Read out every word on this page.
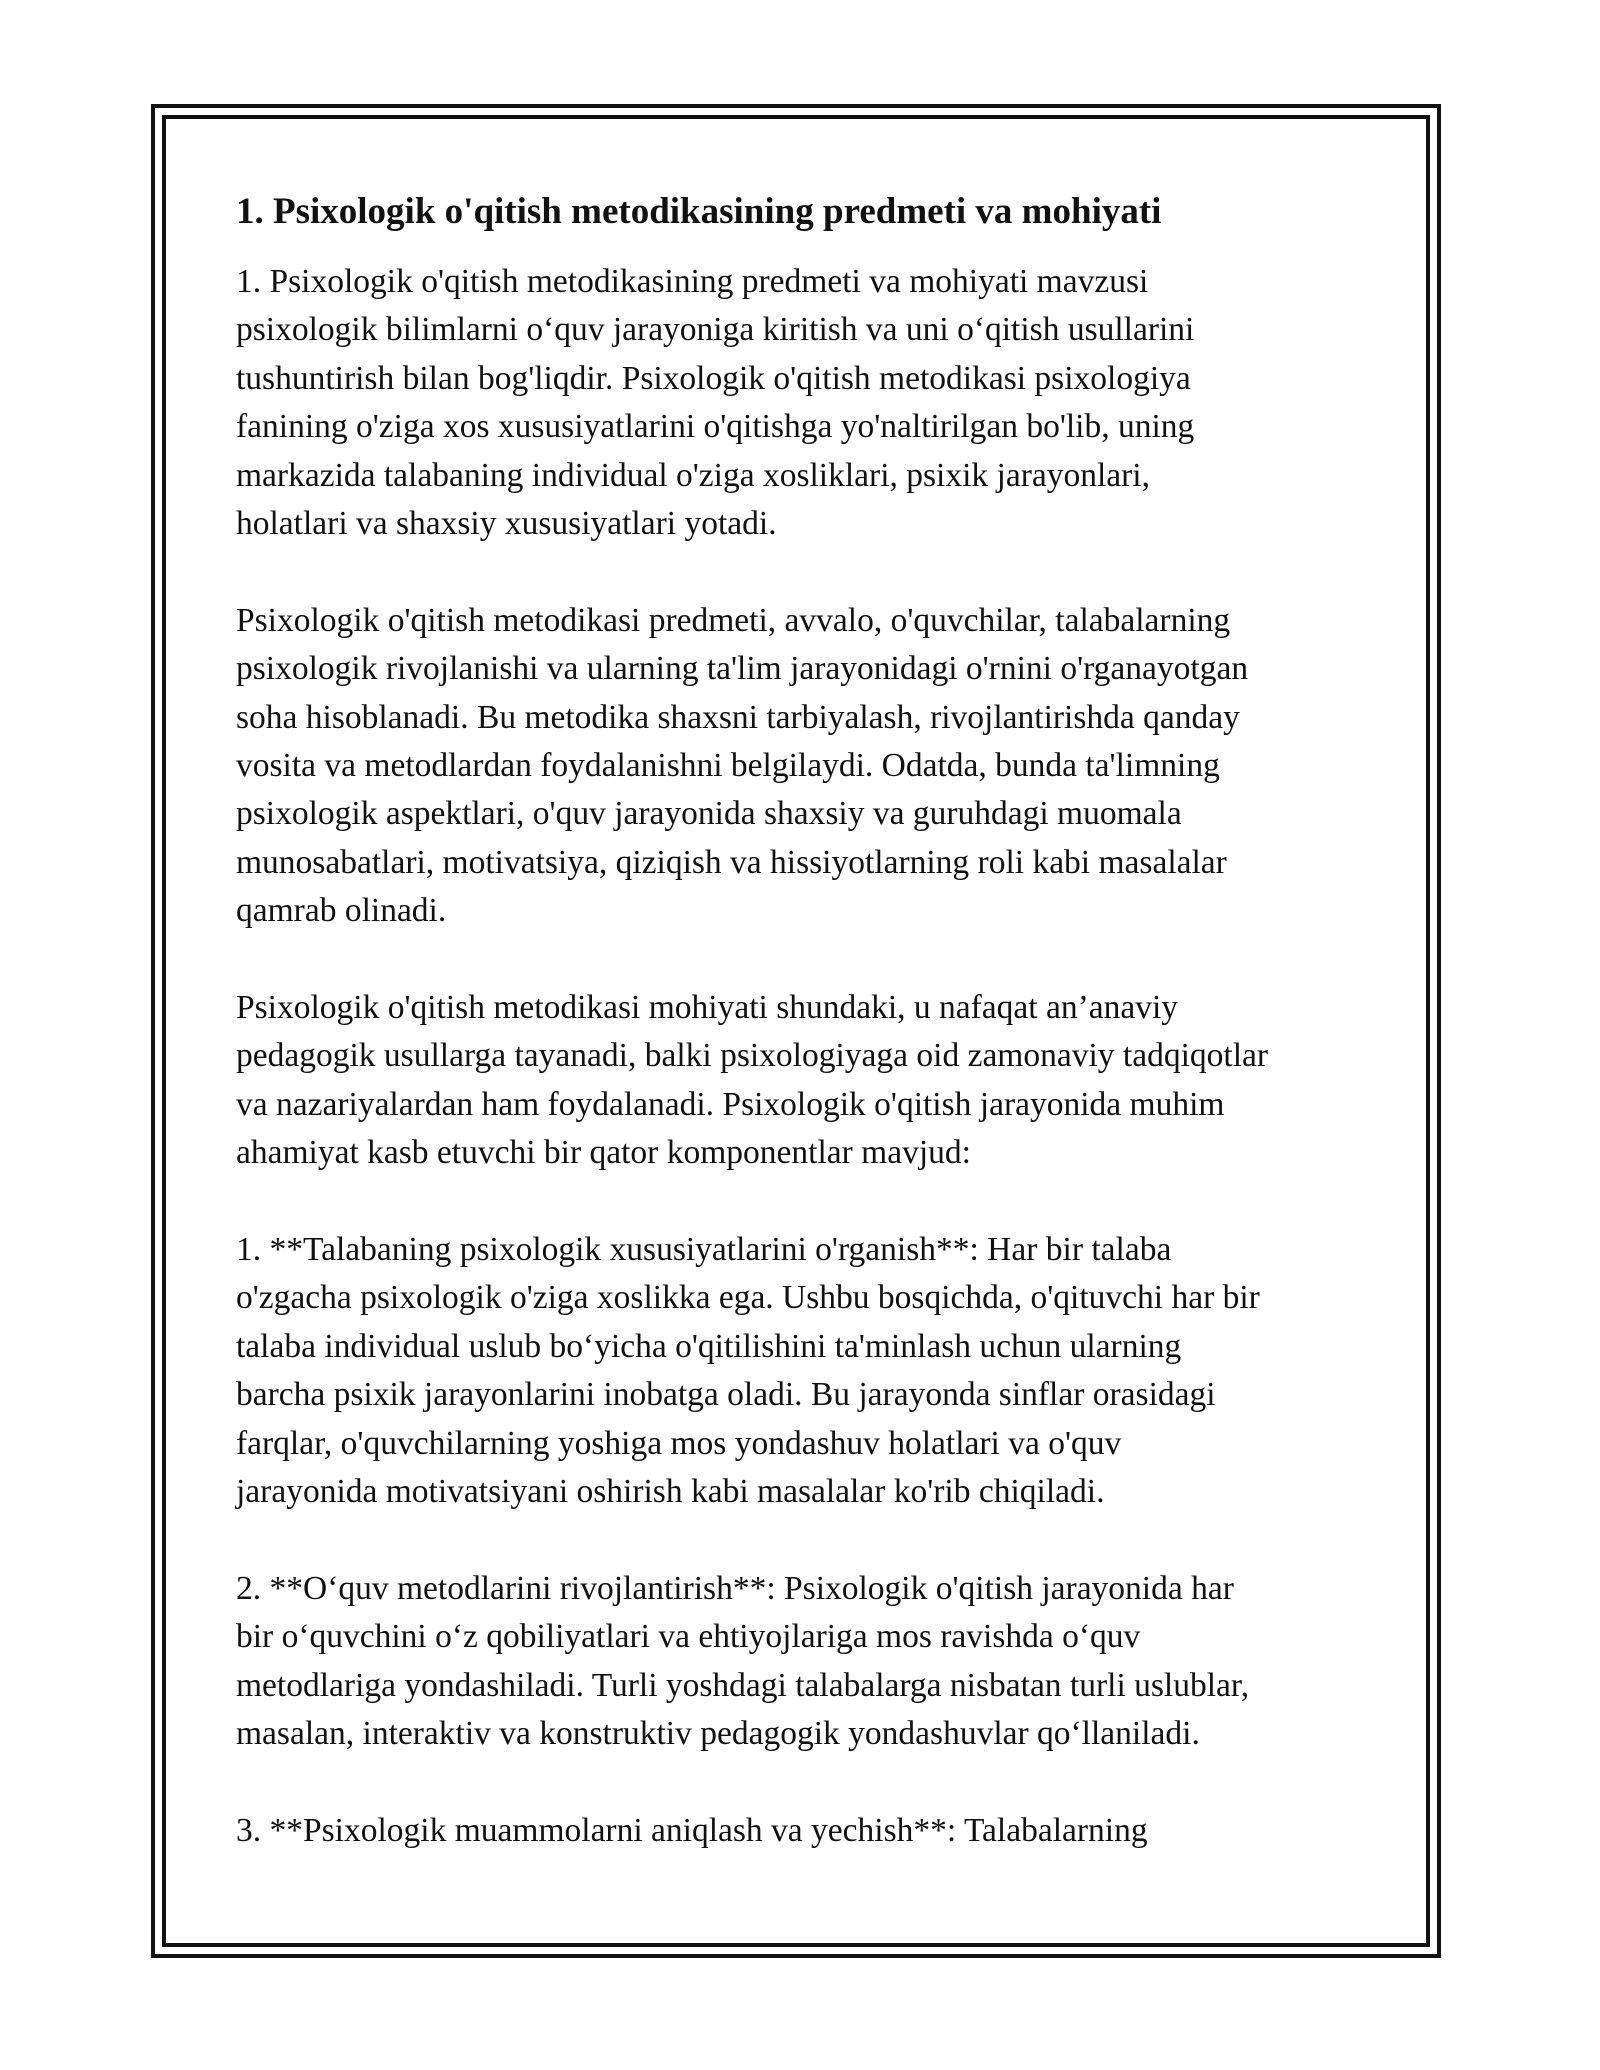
1. Psixologik o'qitish metodikasining predmeti va mohiyati

1. Psixologik o'qitish metodikasining predmeti va mohiyati mavzusi
psixologik bilimlarni o‘quv jarayoniga kiritish va uni o‘qitish usullarini
tushuntirish bilan bog'liqdir. Psixologik o'qitish metodikasi psixologiya
fanining o'ziga xos xususiyatlarini o'qitishga yo'naltirilgan bo'lib, uning
markazida talabaning individual o'ziga xosliklari, psixik jarayonlari,
holatlari va shaxsiy xususiyatlari yotadi.

Psixologik o'qitish metodikasi predmeti, avvalo, o'quvchilar, talabalarning
psixologik rivojlanishi va ularning ta'lim jarayonidagi o'rnini o'rganayotgan
soha hisoblanadi. Bu metodika shaxsni tarbiyalash, rivojlantirishda qanday
vosita va metodlardan foydalanishni belgilaydi. Odatda, bunda ta'limning
psixologik aspektlari, o'quv jarayonida shaxsiy va guruhdagi muomala
munosabatlari, motivatsiya, qiziqish va hissiyotlarning roli kabi masalalar
qamrab olinadi.

Psixologik o'qitish metodikasi mohiyati shundaki, u nafaqat an’anaviy
pedagogik usullarga tayanadi, balki psixologiyaga oid zamonaviy tadqiqotlar
va nazariyalardan ham foydalanadi. Psixologik o'qitish jarayonida muhim
ahamiyat kasb etuvchi bir qator komponentlar mavjud:

1. **Talabaning psixologik xususiyatlarini o'rganish**: Har bir talaba
o'zgacha psixologik o'ziga xoslikka ega. Ushbu bosqichda, o'qituvchi har bir
talaba individual uslub bo‘yicha o'qitilishini ta'minlash uchun ularning
barcha psixik jarayonlarini inobatga oladi. Bu jarayonda sinflar orasidagi
farqlar, o'quvchilarning yoshiga mos yondashuv holatlari va o'quv
jarayonida motivatsiyani oshirish kabi masalalar ko'rib chiqiladi.

2. **O‘quv metodlarini rivojlantirish**: Psixologik o'qitish jarayonida har
bir o‘quvchini o‘z qobiliyatlari va ehtiyojlariga mos ravishda o‘quv
metodlariga yondashiladi. Turli yoshdagi talabalarga nisbatan turli uslublar,
masalan, interaktiv va konstruktiv pedagogik yondashuvlar qo‘llaniladi.

3. **Psixologik muammolarni aniqlash va yechish**: Talabalarning
